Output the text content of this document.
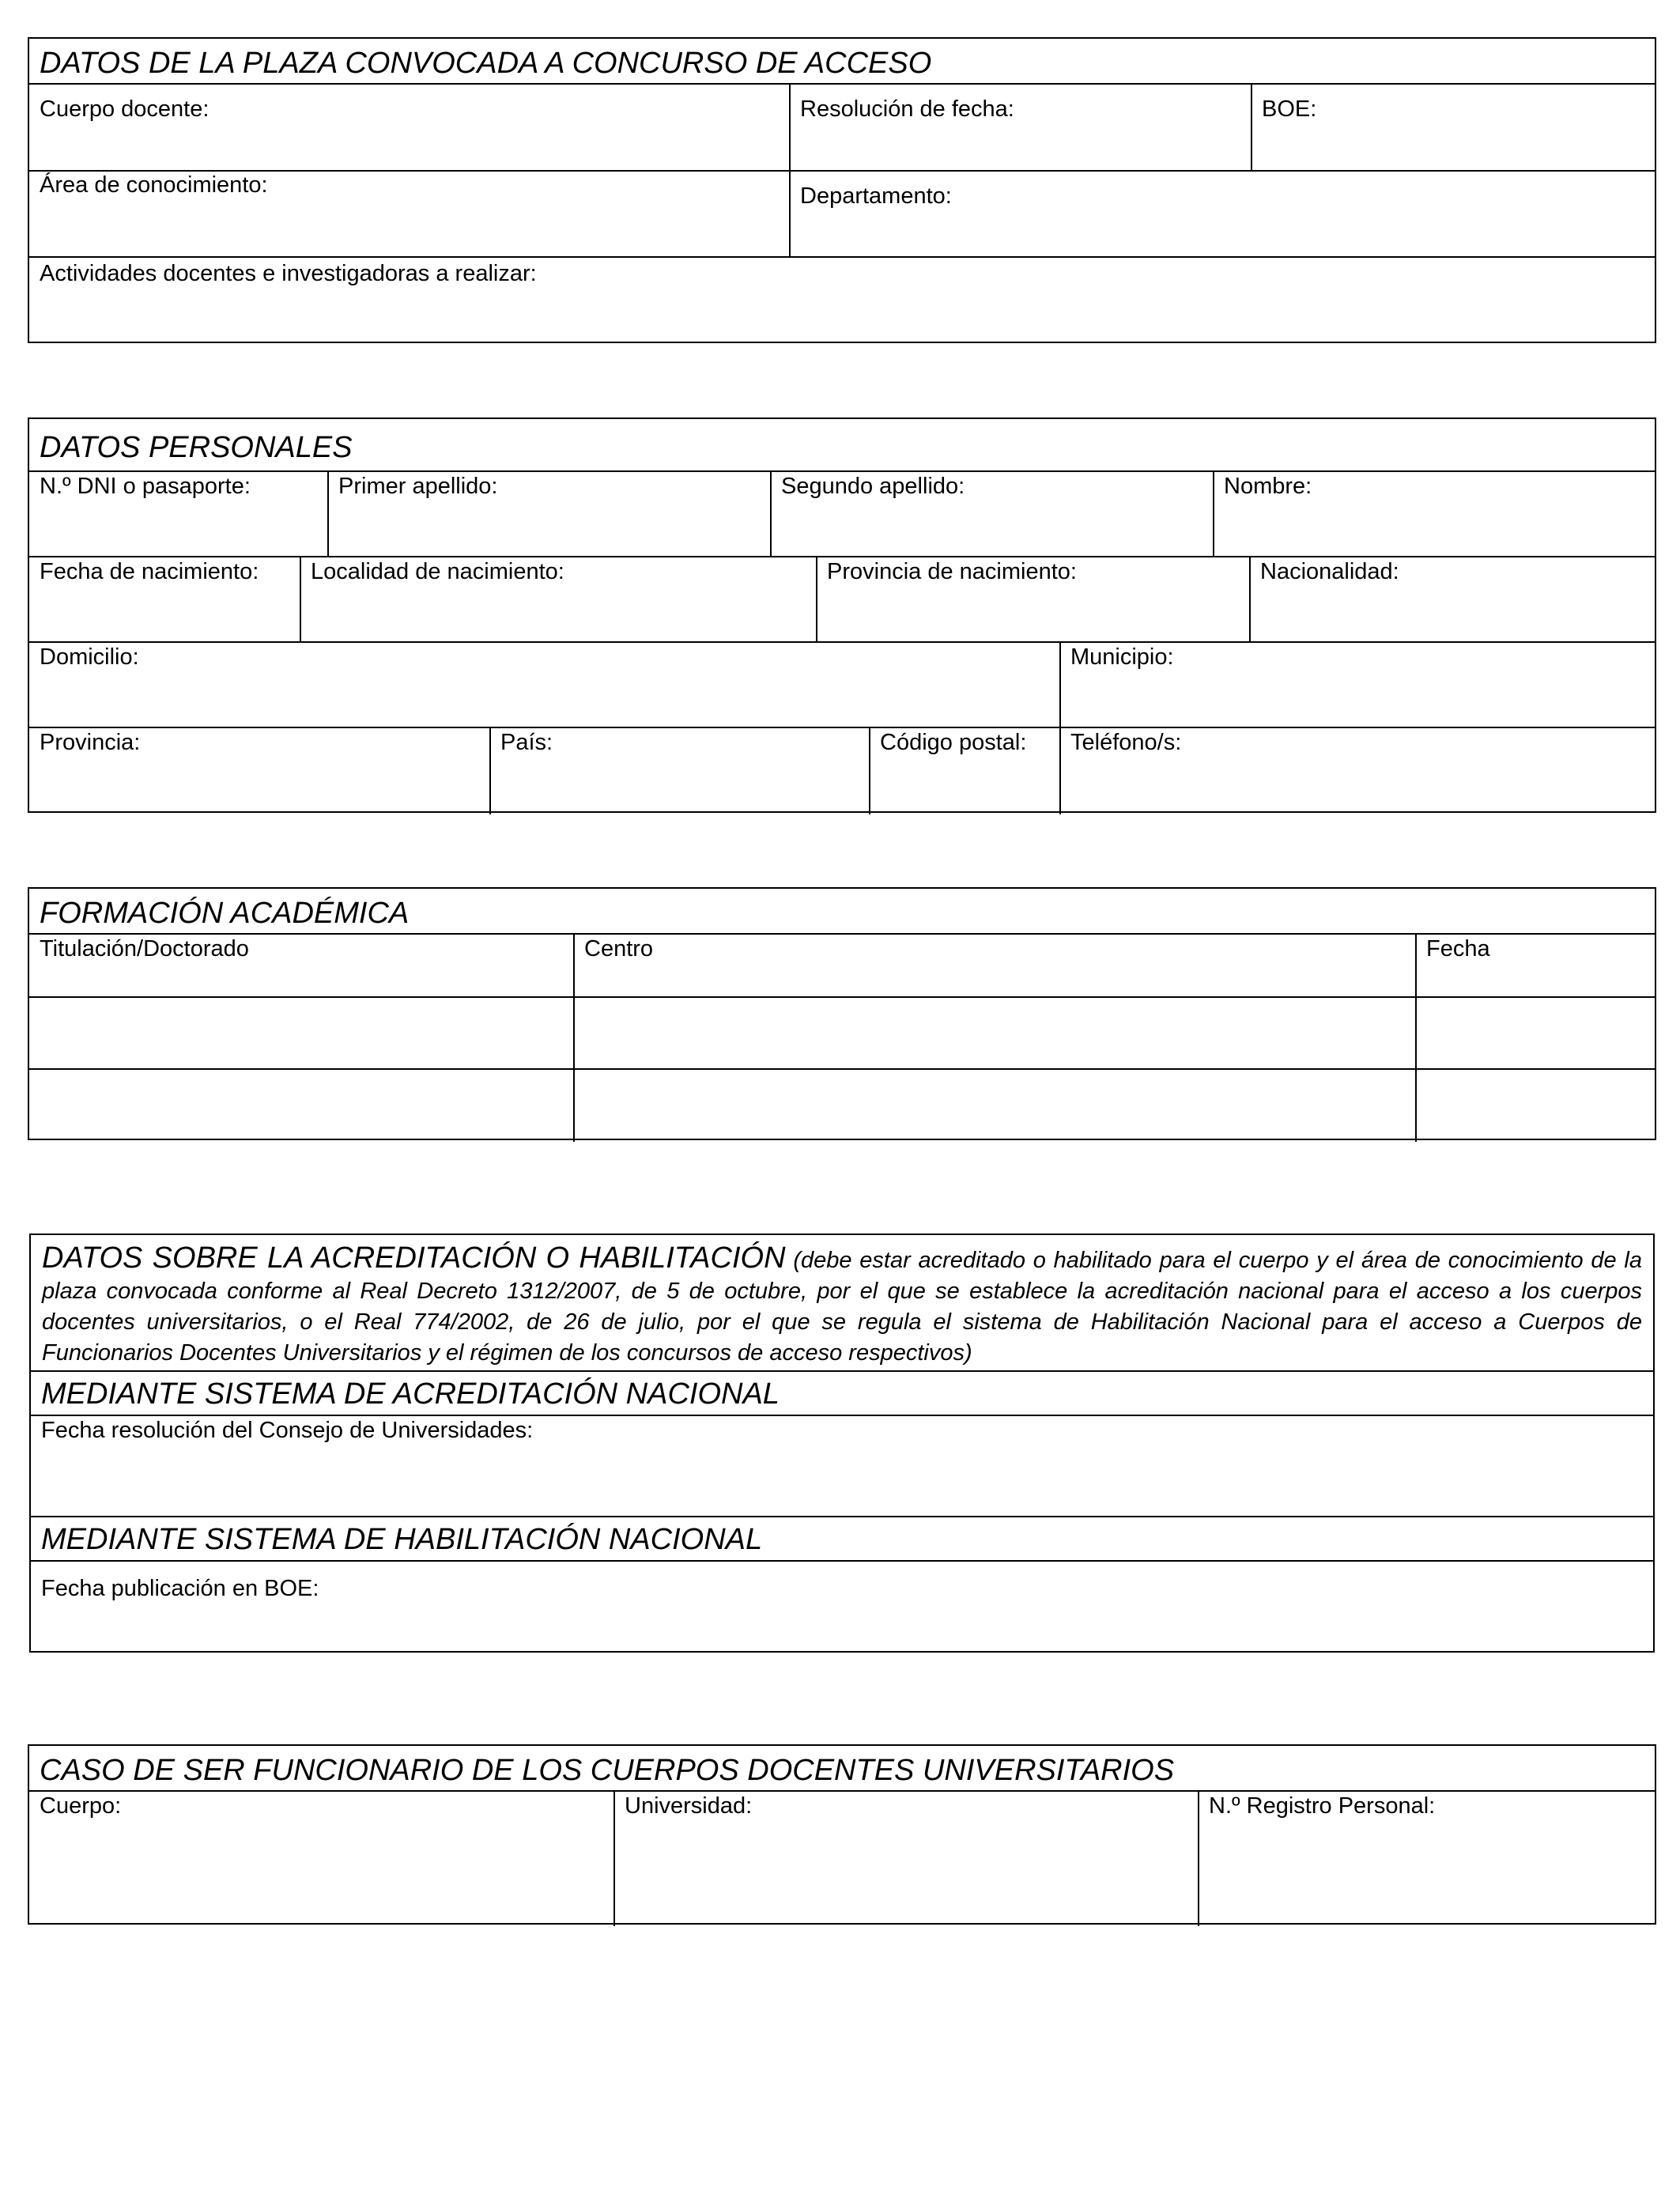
DATOS DE LA PLAZA CONVOCADA A CONCURSO DE ACCESO
Cuerpo docente:	Resolución de fecha:	BOE:
Área de conocimiento:	Departamento:
Actividades docentes e investigadoras a realizar:
DATOS PERSONALES
N.º DNI o pasaporte:	Primer apellido:	Segundo apellido:	Nombre:
Fecha de nacimiento: Localidad de nacimiento:	Provincia de nacimiento:	Nacionalidad:
Domicilio:	Municipio:
Provincia:	País:	Código postal: Teléfono/s:
FORMACIÓN ACADÉMICA
Titulación/Doctorado	Centro	Fecha
DATOS SOBRE LA ACREDITACIÓN O HABILITACIÓN (debe estar acreditado o habilitado para el cuerpo y el área de conocimiento de la plaza convocada conforme al Real Decreto 1312/2007, de 5 de octubre, por el que se establece la acreditación nacional para el acceso a los cuerpos docentes universitarios, o el Real 774/2002, de 26 de julio, por el que se regula el sistema de Habilitación Nacional para el acceso a Cuerpos de Funcionarios Docentes Universitarios y el régimen de los concursos de acceso respectivos)
MEDIANTE SISTEMA DE ACREDITACIÓN NACIONAL
Fecha resolución del Consejo de Universidades:
MEDIANTE SISTEMA DE HABILITACIÓN NACIONAL
Fecha publicación en BOE:
CASO DE SER FUNCIONARIO DE LOS CUERPOS DOCENTES UNIVERSITARIOS
Cuerpo:	Universidad:	N.º Registro Personal:
